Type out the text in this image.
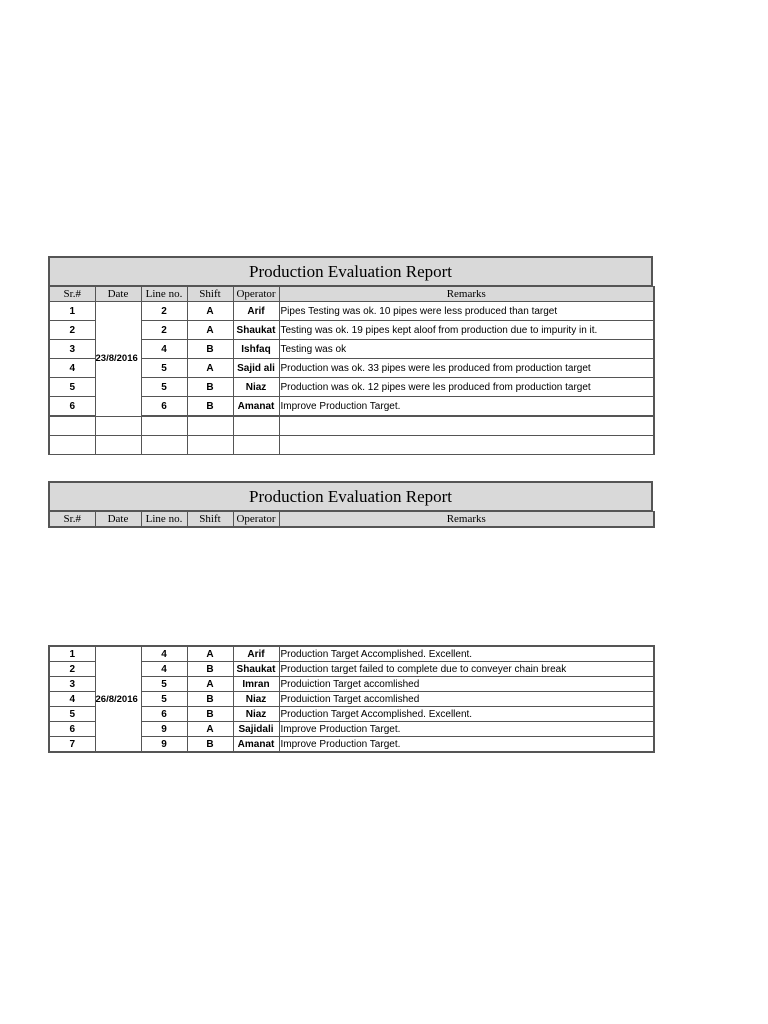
Production Evaluation Report
Sr.#	Date	Line no.	Shift	Operator	Remarks
1	23/8/2016	2	A	Arif	Pipes Testing was ok. 10 pipes were less produced than target
2		2	A	Shaukat	Testing was ok. 19 pipes kept aloof from production due to impurity in it.
3		4	B	Ishfaq	Testing was ok
4		5	A	Sajid ali	Production was ok. 33 pipes were les produced from production target
5		5	B	Niaz	Production was ok. 12 pipes were les produced from production target
6		6	B	Amanat	Improve Production Target.

Production Evaluation Report
Sr.#	Date	Line no.	Shift	Operator	Remarks
1	26/8/2016	4	A	Arif	Production Target Accomplished. Excellent.
2		4	B	Shaukat	Production target failed to complete due to conveyer chain break
3		5	A	Imran	Produiction Target accomlished
4		5	B	Niaz	Produiction Target accomlished
5		6	B	Niaz	Production Target Accomplished. Excellent.
6		9	A	Sajidali	Improve Production Target.
7		9	B	Amanat	Improve Production Target.
